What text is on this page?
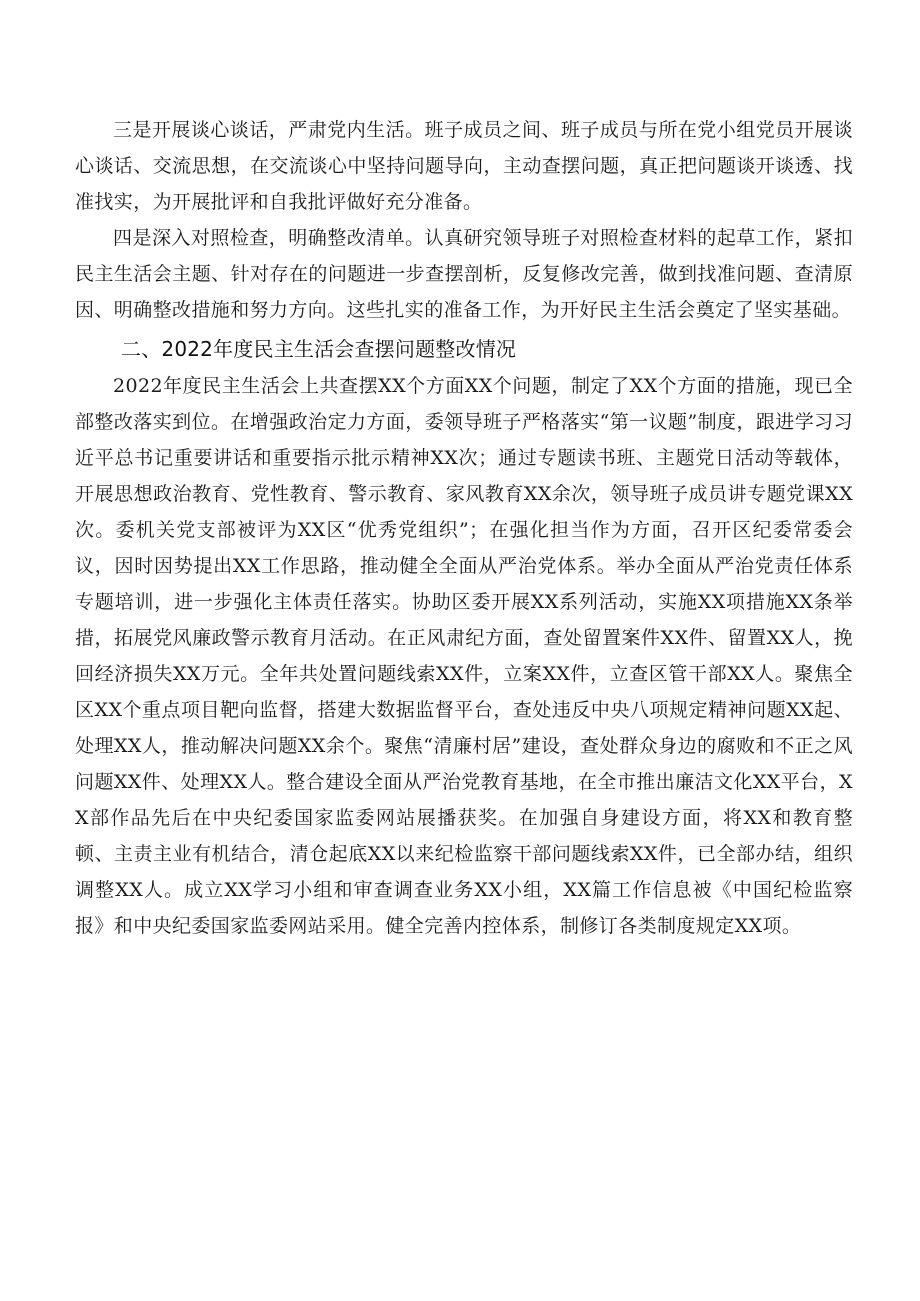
三是开展谈心谈话，严肃党内生活。班子成员之间、班子成员与所在党小组党员开展谈心谈话、交流思想，在交流谈心中坚持问题导向，主动查摆问题，真正把问题谈开谈透、找准找实，为开展批评和自我批评做好充分准备。

四是深入对照检查，明确整改清单。认真研究领导班子对照检查材料的起草工作，紧扣民主生活会主题、针对存在的问题进一步查摆剖析，反复修改完善，做到找准问题、查清原因、明确整改措施和努力方向。这些扎实的准备工作，为开好民主生活会奠定了坚实基础。

二、2022年度民主生活会查摆问题整改情况

2022年度民主生活会上共查摆XX个方面XX个问题，制定了XX个方面的措施，现已全部整改落实到位。在增强政治定力方面，委领导班子严格落实“第一议题”制度，跟进学习习近平总书记重要讲话和重要指示批示精神XX次；通过专题读书班、主题党日活动等载体，开展思想政治教育、党性教育、警示教育、家风教育XX余次，领导班子成员讲专题党课XX次。委机关党支部被评为XX区“优秀党组织”；在强化担当作为方面，召开区纪委常委会议，因时因势提出XX工作思路，推动健全全面从严治党体系。举办全面从严治党责任体系专题培训，进一步强化主体责任落实。协助区委开展XX系列活动，实施XX项措施XX条举措，拓展党风廉政警示教育月活动。在正风肃纪方面，查处留置案件XX件、留置XX人，挽回经济损失XX万元。全年共处置问题线索XX件，立案XX件，立查区管干部XX人。聚焦全区XX个重点项目靶向监督，搭建大数据监督平台，查处违反中央八项规定精神问题XX起、处理XX人，推动解决问题XX余个。聚焦“清廉村居”建设，查处群众身边的腐败和不正之风问题XX件、处理XX人。整合建设全面从严治党教育基地，在全市推出廉洁文化XX平台，XX部作品先后在中央纪委国家监委网站展播获奖。在加强自身建设方面，将XX和教育整顿、主责主业有机结合，清仓起底XX以来纪检监察干部问题线索XX件，已全部办结，组织调整XX人。成立XX学习小组和审查调查业务XX小组，XX篇工作信息被《中国纪检监察报》和中央纪委国家监委网站采用。健全完善内控体系，制修订各类制度规定XX项。
